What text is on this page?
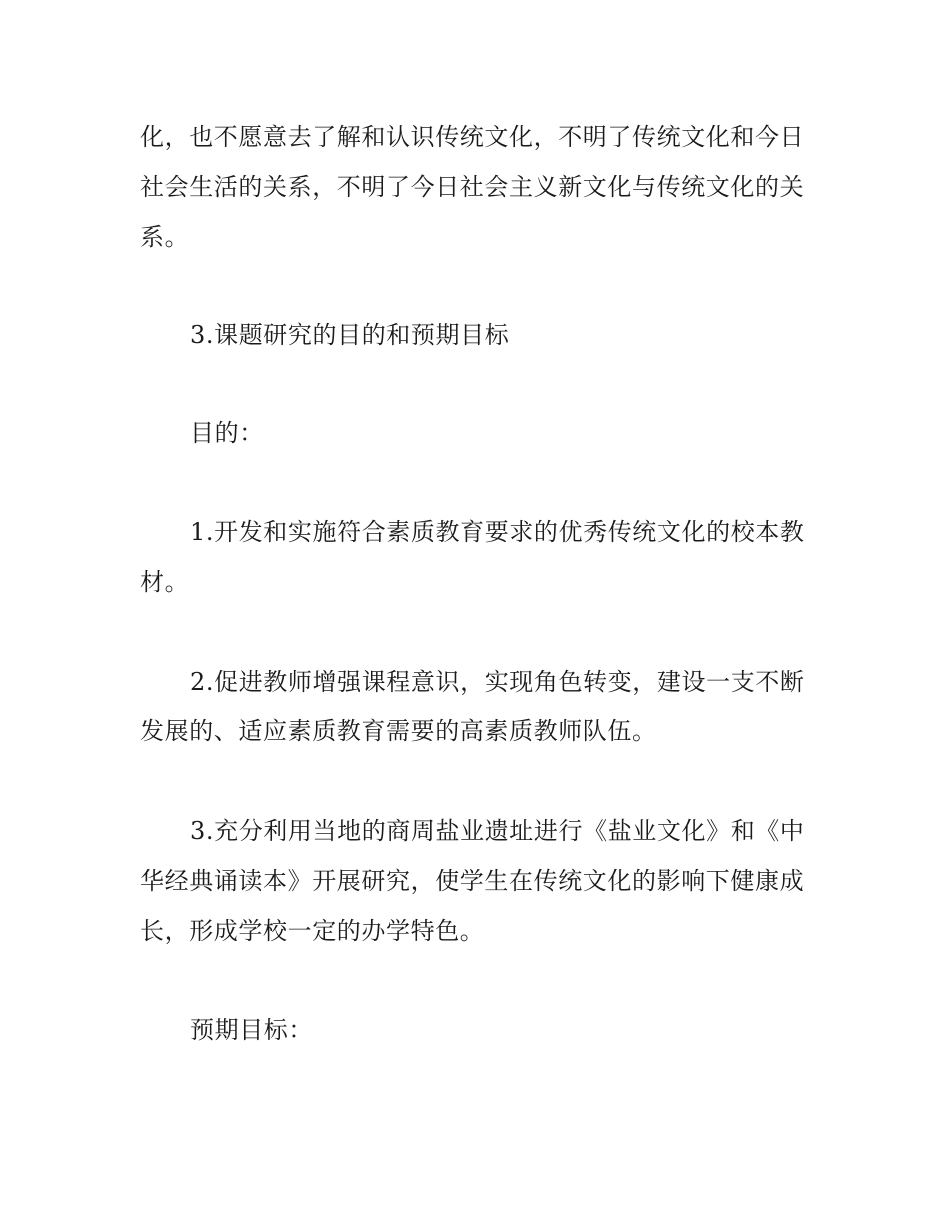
化，也不愿意去了解和认识传统文化，不明了传统文化和今日
社会生活的关系，不明了今日社会主义新文化与传统文化的关
系。
3.课题研究的目的和预期目标
目的：
1.开发和实施符合素质教育要求的优秀传统文化的校本教
材。
2.促进教师增强课程意识，实现角色转变，建设一支不断
发展的、适应素质教育需要的高素质教师队伍。
3.充分利用当地的商周盐业遗址进行《盐业文化》和《中
华经典诵读本》开展研究，使学生在传统文化的影响下健康成
长，形成学校一定的办学特色。
预期目标：
